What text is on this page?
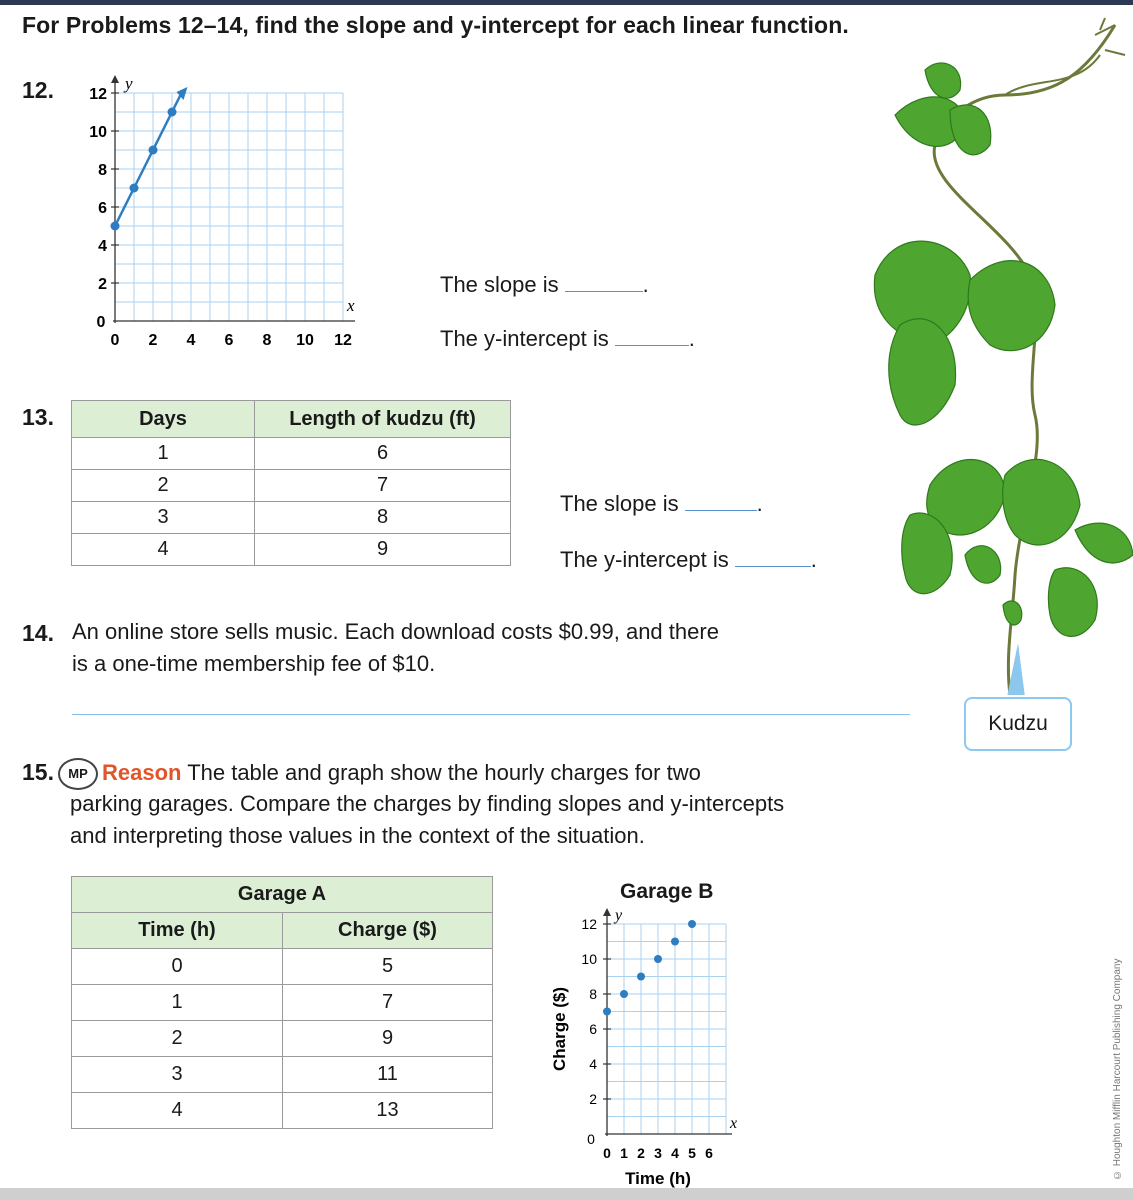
For Problems 12–14, find the slope and y-intercept for each linear function.
12.	y
x
0 2 4 6 8 10 12
2
4
6
8
10
12
0
The slope is	.
The y-intercept is	.
13.	Days	Length of kudzu (ft)
1	6
2	7
3	8
4	9
The slope is	.
The y-intercept is	.
14. An online store sells music. Each download costs $0.99, and there
is a one-time membership fee of $10.
Kudzu
15. MP Reason The table and graph show the hourly charges for two
parking garages. Compare the charges by finding slopes and y-intercepts
and interpreting those values in the context of the situation.
Garage A	
Time (h)	Charge ($)
0	5
1	7
2	9
3	11
4	13
Garage B
y
x
0 1 2 3 4 5 6
2
4
6
8
10
12
0
Time (h)
Charge ($)	© Houghton Mifflin Harcourt Publishing Company
